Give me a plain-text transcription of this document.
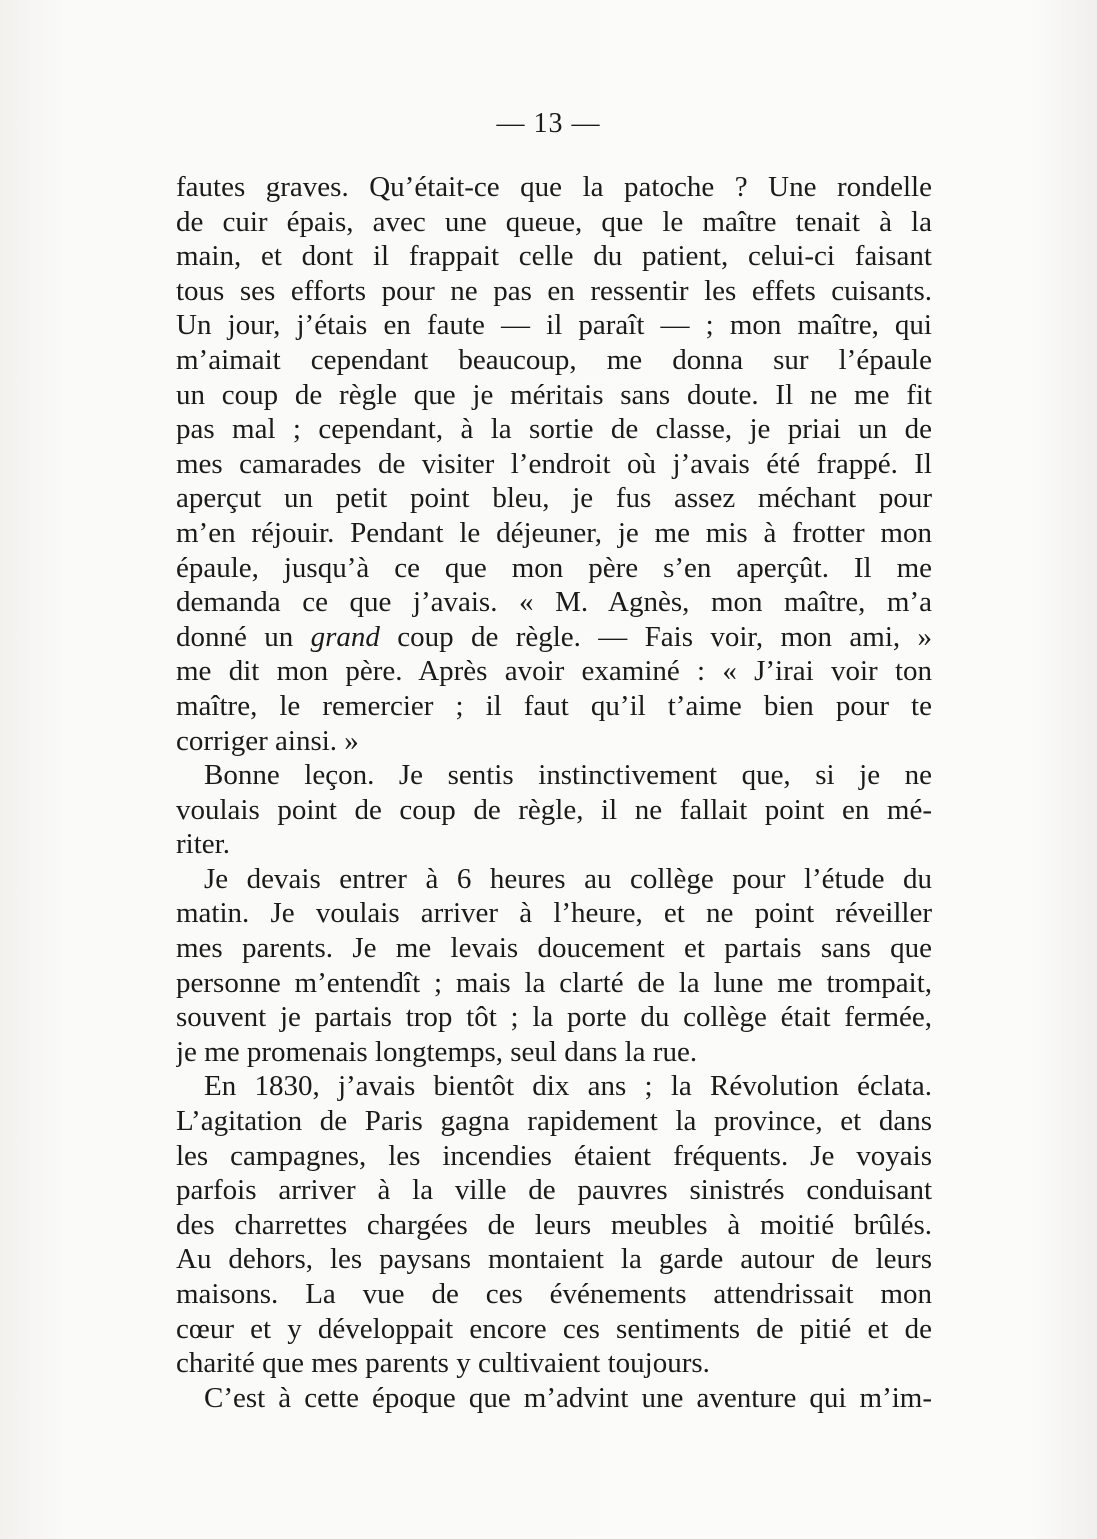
— 13 —
fautes graves. Qu’était-ce que la patoche ? Une rondelle
de cuir épais, avec une queue, que le maître tenait à la
main, et dont il frappait celle du patient, celui-ci faisant
tous ses efforts pour ne pas en ressentir les effets cuisants.
Un jour, j’étais en faute — il paraît — ; mon maître, qui
m’aimait cependant beaucoup, me donna sur l’épaule
un coup de règle que je méritais sans doute. Il ne me fit
pas mal ; cependant, à la sortie de classe, je priai un de
mes camarades de visiter l’endroit où j’avais été frappé. Il
aperçut un petit point bleu, je fus assez méchant pour
m’en réjouir. Pendant le déjeuner, je me mis à frotter mon
épaule, jusqu’à ce que mon père s’en aperçût. Il me
demanda ce que j’avais. « M. Agnès, mon maître, m’a
donné un grand coup de règle. — Fais voir, mon ami, »
me dit mon père. Après avoir examiné : « J’irai voir ton
maître, le remercier ; il faut qu’il t’aime bien pour te
corriger ainsi. »
Bonne leçon. Je sentis instinctivement que, si je ne
voulais point de coup de règle, il ne fallait point en mé-
riter.
Je devais entrer à 6 heures au collège pour l’étude du
matin. Je voulais arriver à l’heure, et ne point réveiller
mes parents. Je me levais doucement et partais sans que
personne m’entendît ; mais la clarté de la lune me trompait,
souvent je partais trop tôt ; la porte du collège était fermée,
je me promenais longtemps, seul dans la rue.
En 1830, j’avais bientôt dix ans ; la Révolution éclata.
L’agitation de Paris gagna rapidement la province, et dans
les campagnes, les incendies étaient fréquents. Je voyais
parfois arriver à la ville de pauvres sinistrés conduisant
des charrettes chargées de leurs meubles à moitié brûlés.
Au dehors, les paysans montaient la garde autour de leurs
maisons. La vue de ces événements attendrissait mon
cœur et y développait encore ces sentiments de pitié et de
charité que mes parents y cultivaient toujours.
C’est à cette époque que m’advint une aventure qui m’im-
